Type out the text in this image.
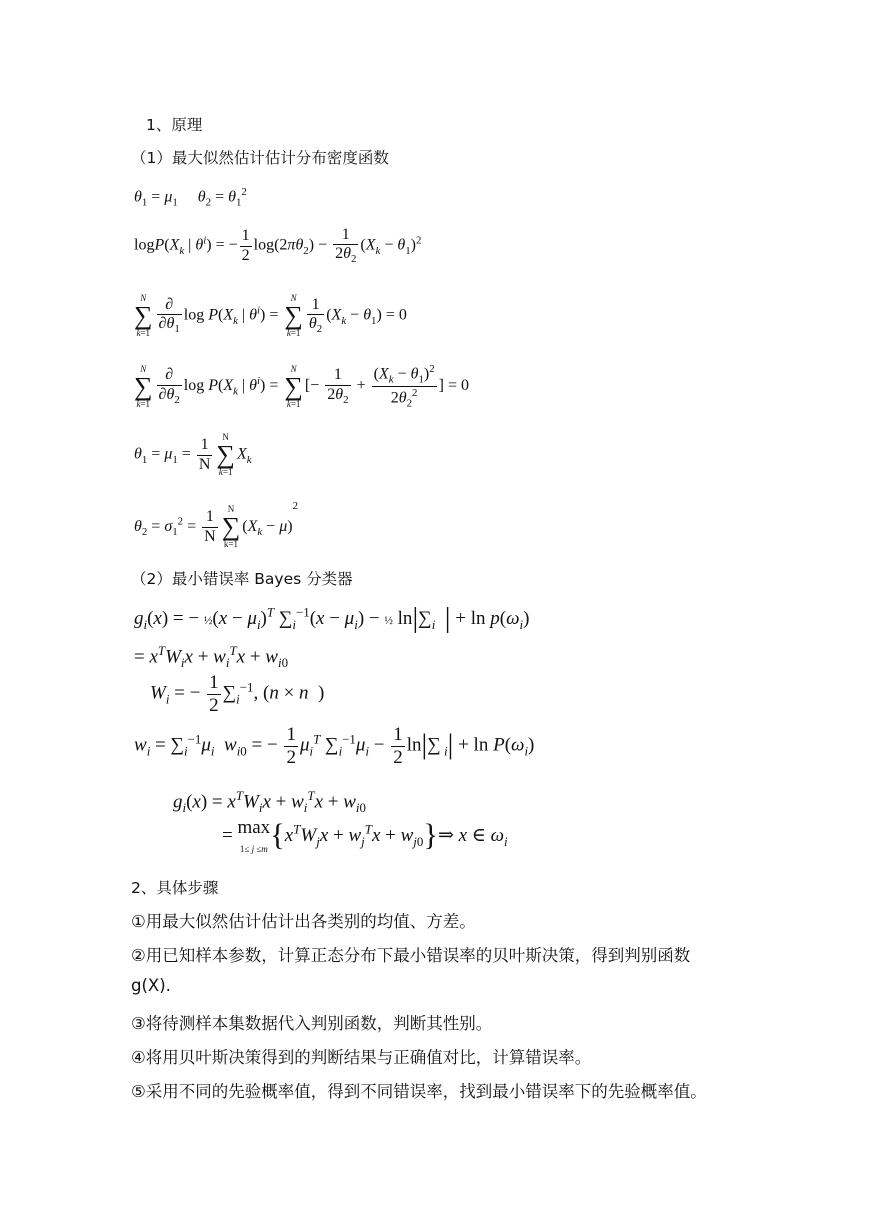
1、原理
（1）最大似然估计估计分布密度函数
$\theta_1 = \mu_1$ $\theta_2 = \theta_1^2$
$\log P(X_k$ | $\theta^i$) = − $\frac{1}{2} \log(2\pi\theta_2) - \frac{1}{2\theta_2} (X_k - \theta_1)^2$
N
∑
$k=1 \frac{\partial}{\partial\theta_1}$ $\log P(X_k$ | $\theta^i$) =
N
∑
$k=1 \frac{1}{\theta_2} (X_k - \theta_1) = 0$
N
∑
$k=1 \frac{\partial}{\partial\theta_2}$ $\log P(X_k$ | $\theta^i$) =
N
∑
k=1
[− $\frac{1}{2\theta_2} + \frac{(X_k - \theta_1)^2}{2\theta_2^2}$ ] = 0
$\theta_1 = \mu_1 = \frac{1}{N}$	N
∑
k=1
$X_k$
$\theta_2 = \sigma_1^2 = \frac{1}{N}$	N
∑
k=1
$(X_k - \mu)^2$
（2）最小错误率 Bayes 分类器
$g_i(x)$ = − ½(x − $\mu_i)^T$ $\sum_i^{-1}(x - \mu_i)$ − ½ $\ln|\sum_i$ | + $\ln p(\omega_i)$
= $x^TW_ix + w_i^Tx + w_{i0}$
$W_i$ = − $\frac{1}{2} \sum_i^{-1}$, (n × n  )
$w_i = \sum_i^{-1}\mu_i$ $w_{i0}$ = − $\frac{1}{2} \mu_i^T$ $\sum_i^{-1}\mu_i - \frac{1}{2} \ln|\sum$ $_i| + \ln P(\omega_i)$
$g_i(x) = x^TW_ix + w_i^Tx + w_{i0}$
= max
$1\le j \le m\{x^TW_jx + w_j^Tx$ + $w_{j0}\}\Rightarrow$ x ∈ $\omega_i$
2、具体步骤
①用最大似然估计估计出各类别的均值、方差。
②用已知样本参数，计算正态分布下最小错误率的贝叶斯决策，得到判别函数
g(X).
③将待测样本集数据代入判别函数，判断其性别。
④将用贝叶斯决策得到的判断结果与正确值对比，计算错误率。
⑤采用不同的先验概率值，得到不同错误率，找到最小错误率下的先验概率值。
